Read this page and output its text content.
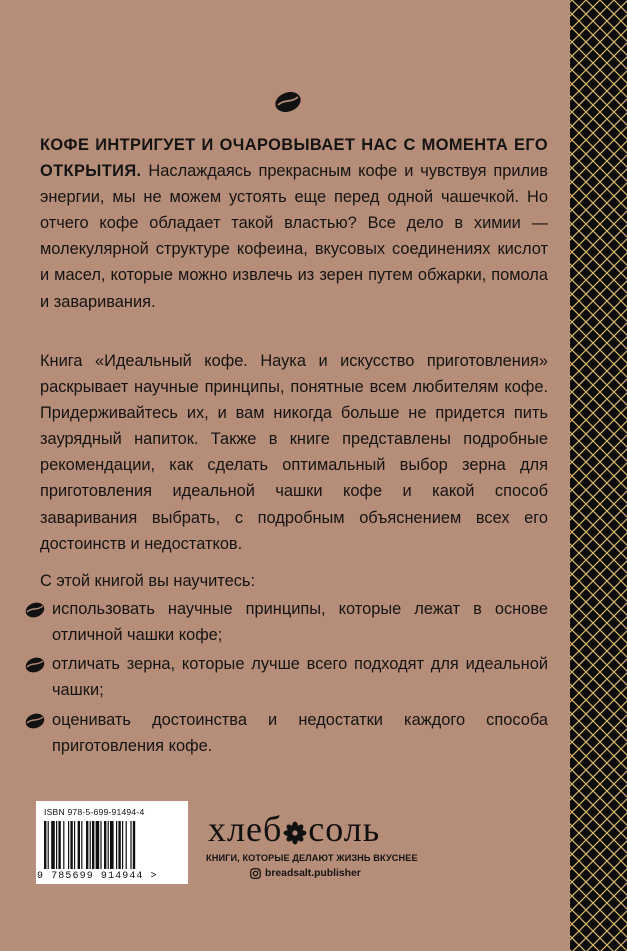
КОФЕ ИНТРИГУЕТ И ОЧАРОВЫВАЕТ НАС С МОМЕНТА ЕГО ОТКРЫТИЯ. Наслаждаясь прекрасным кофе и чувствуя прилив энергии, мы не можем устоять еще перед одной чашечкой. Но отчего кофе обладает такой властью? Все дело в химии — молекулярной структуре кофеина, вкусовых соединениях кислот и масел, которые можно извлечь из зерен путем обжарки, помола и заваривания.
Книга «Идеальный кофе. Наука и искусство приготовления» раскрывает научные принципы, понятные всем любителям кофе. Придерживайтесь их, и вам никогда больше не придется пить заурядный напиток. Также в книге представлены подробные рекомендации, как сделать оптимальный выбор зерна для приготовления идеальной чашки кофе и какой способ заваривания выбрать, с подробным объяснением всех его достоинств и недостатков.
С этой книгой вы научитесь:
использовать научные принципы, которые лежат в основе отличной чашки кофе;
отличать зерна, которые лучше всего подходят для идеальной чашки;
оценивать достоинства и недостатки каждого способа приготовления кофе.
ISBN 978-5-699-91494-4
9 785699 914944 >
хлеб соль
КНИГИ, КОТОРЫЕ ДЕЛАЮТ ЖИЗНЬ ВКУСНЕЕ
breadsalt.publisher
